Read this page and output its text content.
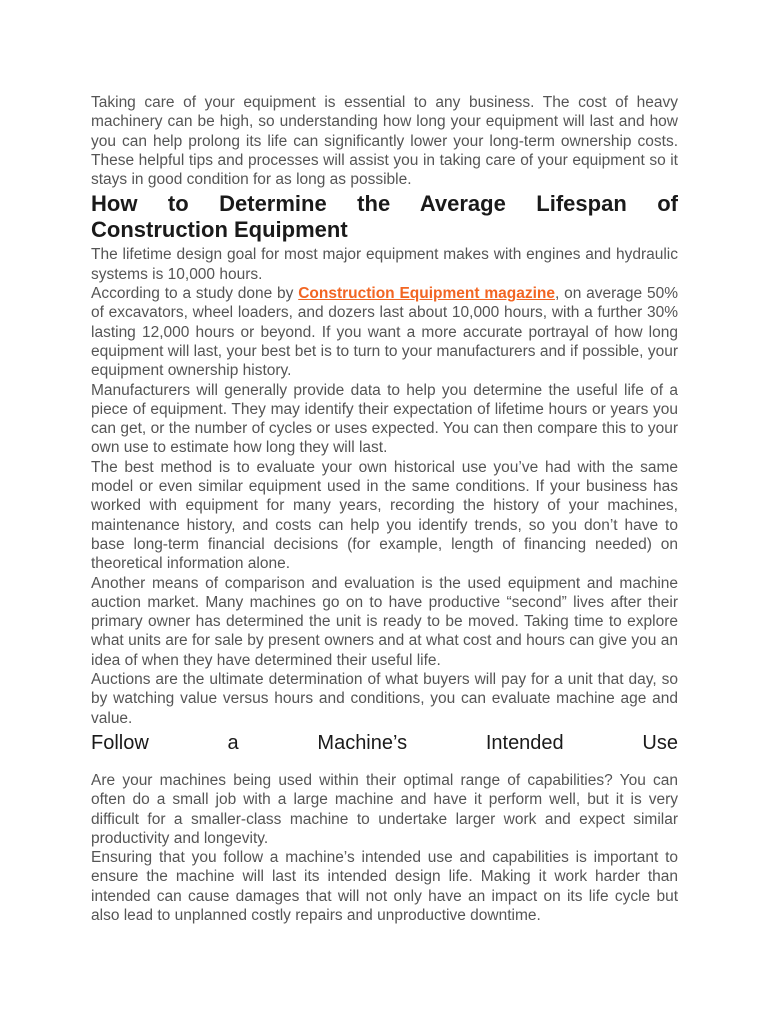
Taking care of your equipment is essential to any business. The cost of heavy machinery can be high, so understanding how long your equipment will last and how you can help prolong its life can significantly lower your long-term ownership costs. These helpful tips and processes will assist you in taking care of your equipment so it stays in good condition for as long as possible.

How to Determine the Average Lifespan of
Construction Equipment

The lifetime design goal for most major equipment makes with engines and hydraulic systems is 10,000 hours.

According to a study done by Construction Equipment magazine, on average 50% of excavators, wheel loaders, and dozers last about 10,000 hours, with a further 30% lasting 12,000 hours or beyond. If you want a more accurate portrayal of how long equipment will last, your best bet is to turn to your manufacturers and if possible, your equipment ownership history.

Manufacturers will generally provide data to help you determine the useful life of a piece of equipment. They may identify their expectation of lifetime hours or years you can get, or the number of cycles or uses expected. You can then compare this to your own use to estimate how long they will last.

The best method is to evaluate your own historical use you’ve had with the same model or even similar equipment used in the same conditions. If your business has worked with equipment for many years, recording the history of your machines, maintenance history, and costs can help you identify trends, so you don’t have to base long-term financial decisions (for example, length of financing needed) on theoretical information alone.

Another means of comparison and evaluation is the used equipment and machine auction market. Many machines go on to have productive “second” lives after their primary owner has determined the unit is ready to be moved. Taking time to explore what units are for sale by present owners and at what cost and hours can give you an idea of when they have determined their useful life.

Auctions are the ultimate determination of what buyers will pay for a unit that day, so by watching value versus hours and conditions, you can evaluate machine age and value.

Follow a Machine’s Intended Use

Are your machines being used within their optimal range of capabilities? You can often do a small job with a large machine and have it perform well, but it is very difficult for a smaller-class machine to undertake larger work and expect similar productivity and longevity.

Ensuring that you follow a machine’s intended use and capabilities is important to ensure the machine will last its intended design life. Making it work harder than intended can cause damages that will not only have an impact on its life cycle but also lead to unplanned costly repairs and unproductive downtime.
